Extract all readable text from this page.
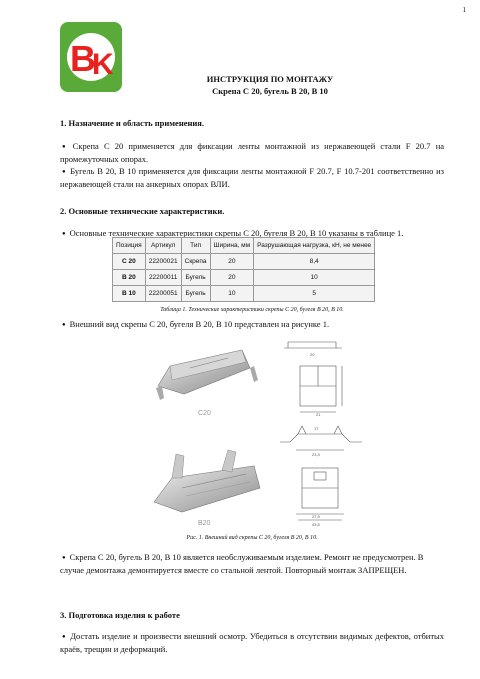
1
B
K	ИНСТРУКЦИЯ ПО МОНТАЖУ
Скрепа С 20, бугель В 20, В 10
1. Назначение и область применения.
● Скрепа С 20 применяется для фиксации ленты монтажной из нержавеющей стали F 20.7 на промежуточных опорах.
● Бугель В 20, В 10 применяется для фиксации ленты монтажной F 20.7, F 10.7-201 соответственно из нержавеющей стали на анкерных опорах ВЛИ.
2. Основные технические характеристики.
● Основные технические характеристики скрепы С 20, бугеля В 20, В 10 указаны в таблице 1.
Позиция	Артикул	Тип	Ширина, мм	Разрушающая нагрузка, кН, не менее
С 20	22200021	Скрепа	20	8,4
В 20	22200011	Бугель	20	10
В 10	22200051	Бугель	10	5
Таблица 1. Технические характеристики скрепы С 20, бугеля В 20, В 10.
● Внешний вид скрепы С 20, бугеля В 20, В 10 представлен на рисунке 1.
C20
B20
20
21
17
23,3
27,9
43,5
Рис. 1. Внешний вид скрепы С 20, бугеля В 20, В 10.
● Скрепа С 20, бугель В 20, В 10 является необслуживаемым изделием. Ремонт не предусмотрен. В случае демонтажа демонтируется вместе со стальной лентой. Повторный монтаж ЗАПРЕЩЕН.
3. Подготовка изделия к работе
● Достать изделие и произвести внешний осмотр. Убедиться в отсутствии видимых дефектов, отбитых краёв, трещин и деформаций.
